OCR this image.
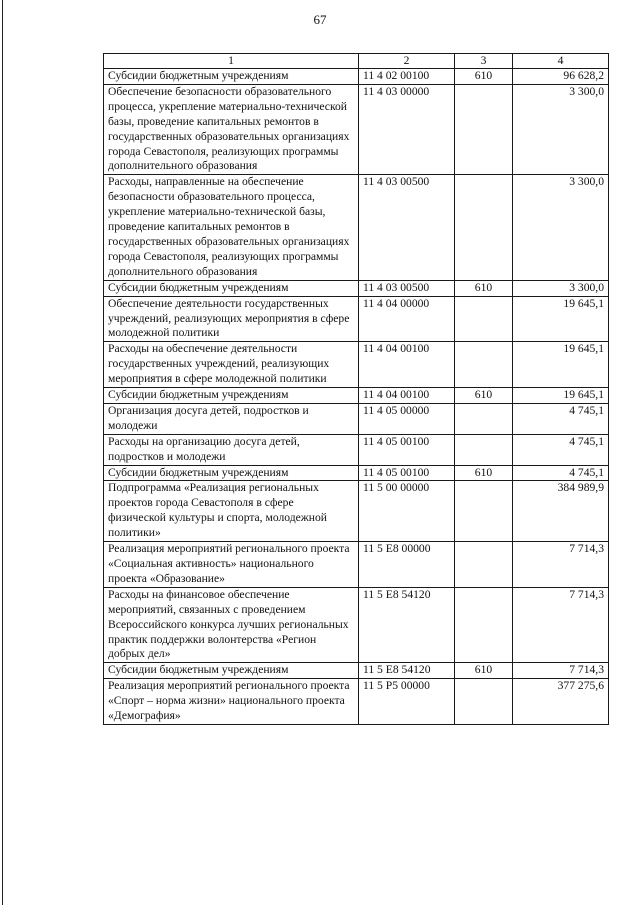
67
1	2	3	4
Субсидии бюджетным учреждениям	11 4 02 00100	610	96 628,2
Обеспечение безопасности образовательного процесса, укрепление материально-технической базы, проведение капитальных ремонтов в государственных образовательных организациях города Севастополя, реализующих программы дополнительного образования	11 4 03 00000		3 300,0
Расходы, направленные на обеспечение безопасности образовательного процесса, укрепление материально-технической базы, проведение капитальных ремонтов в государственных образовательных организациях города Севастополя, реализующих программы дополнительного образования	11 4 03 00500		3 300,0
Субсидии бюджетным учреждениям	11 4 03 00500	610	3 300,0
Обеспечение деятельности государственных учреждений, реализующих мероприятия в сфере молодежной политики	11 4 04 00000		19 645,1
Расходы на обеспечение деятельности государственных учреждений, реализующих мероприятия в сфере молодежной политики	11 4 04 00100		19 645,1
Субсидии бюджетным учреждениям	11 4 04 00100	610	19 645,1
Организация досуга детей, подростков и молодежи	11 4 05 00000		4 745,1
Расходы на организацию досуга детей, подростков и молодежи	11 4 05 00100		4 745,1
Субсидии бюджетным учреждениям	11 4 05 00100	610	4 745,1
Подпрограмма «Реализация региональных проектов города Севастополя в сфере физической культуры и спорта, молодежной политики»	11 5 00 00000		384 989,9
Реализация мероприятий регионального проекта «Социальная активность» национального проекта «Образование»	11 5 E8 00000		7 714,3
Расходы на финансовое обеспечение мероприятий, связанных с проведением Всероссийского конкурса лучших региональных практик поддержки волонтерства «Регион добрых дел»	11 5 E8 54120		7 714,3
Субсидии бюджетным учреждениям	11 5 E8 54120	610	7 714,3
Реализация мероприятий регионального проекта «Спорт – норма жизни» национального проекта «Демография»	11 5 P5 00000		377 275,6
